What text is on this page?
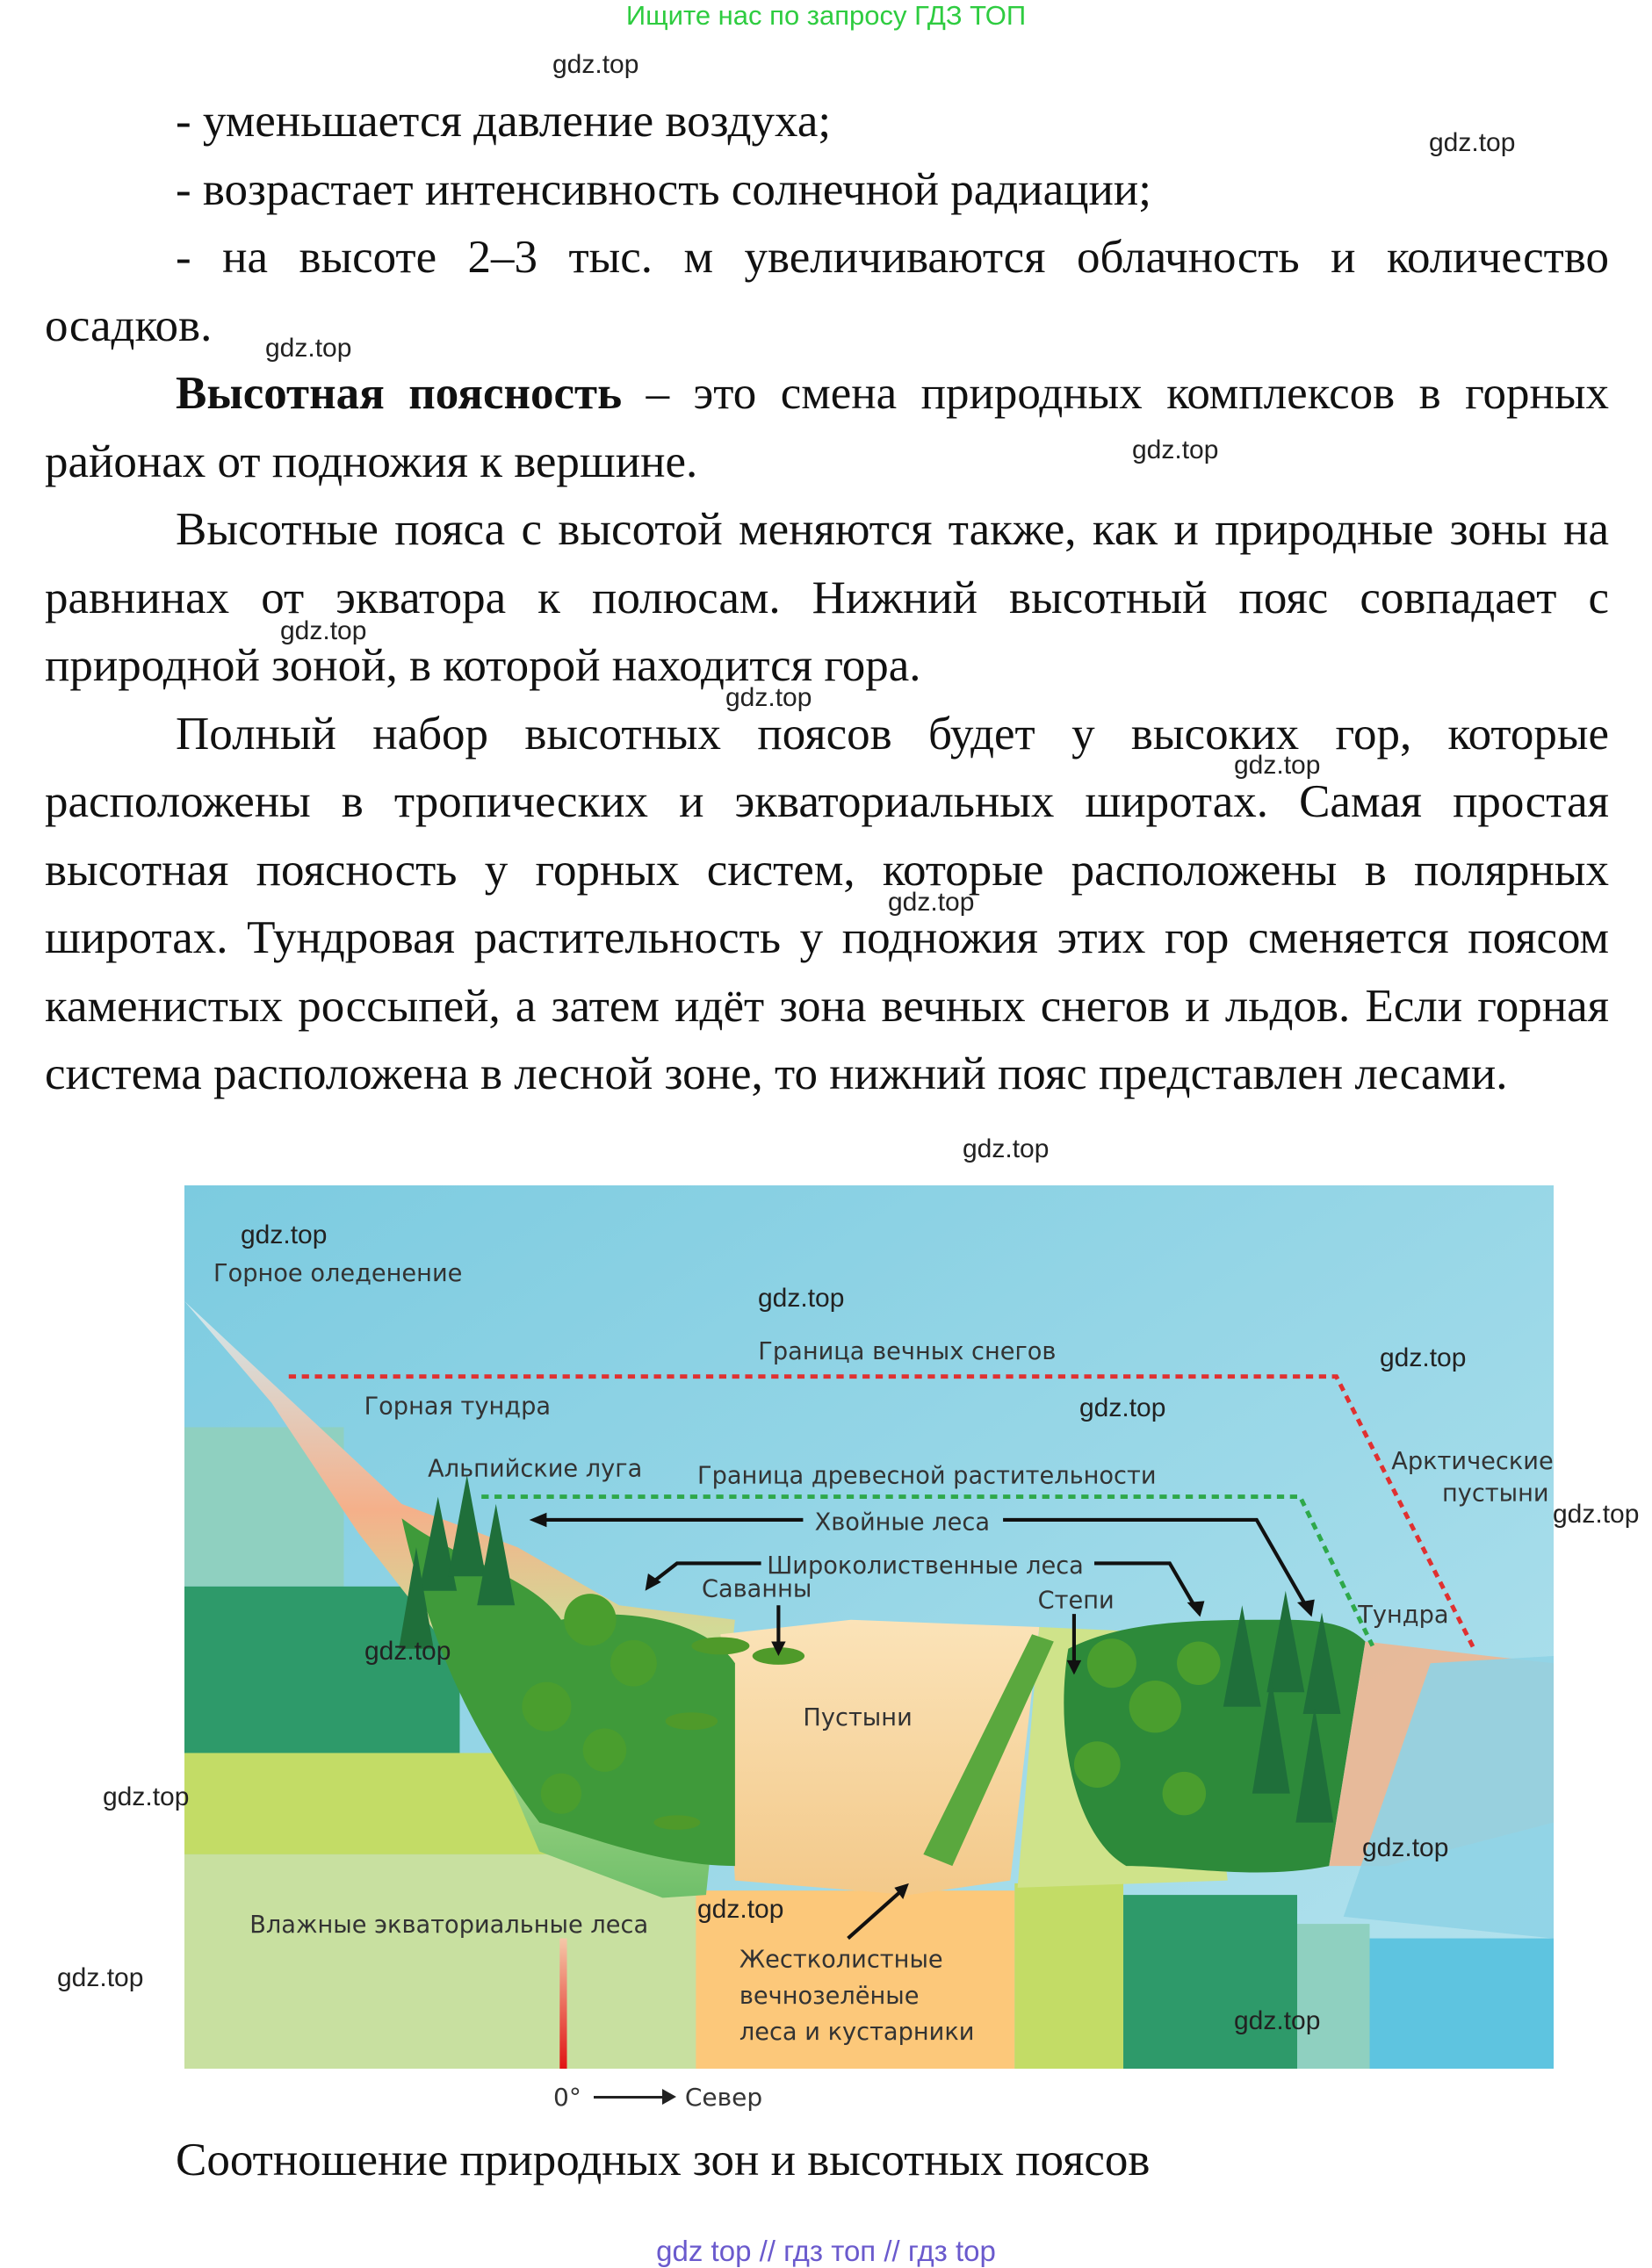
Ищите нас по запросу ГДЗ ТОП

- уменьшается давление воздуха;

- возрастает интенсивность солнечной радиации;

- на высоте 2–3 тыс. м увеличиваются облачность и количество осадков.

Высотная поясность – это смена природных комплексов в горных районах от подножия к вершине.

Высотные пояса с высотой меняются также, как и природные зоны на равнинах от экватора к полюсам. Нижний высотный пояс совпадает с природной зоной, в которой находится гора.

Полный набор высотных поясов будет у высоких гор, которые расположены в тропических и экваториальных широтах. Самая простая высотная поясность у горных систем, которые расположены в полярных широтах. Тундровая растительность у подножия этих гор сменяется поясом каменистых россыпей, а затем идёт зона вечных снегов и льдов. Если горная система расположена в лесной зоне, то нижний пояс представлен лесами.

Горное оледенение
Граница вечных снегов
Горная тундра
Альпийские луга	Граница древесной растительности
Арктические
пустыни
Хвойные леса
Широколиственные леса
Саванны	Степи
Тундра
Пустыни
Влажные экваториальные леса
Жестколистные
вечнозелёные
леса и кустарники
0°	Север
Соотношение природных зон и высотных поясов
gdz top // гдз топ // гдз top
gdz.top
gdz.top
gdz.top
gdz.top
gdz.top
gdz.top
gdz.top
gdz.top
gdz.top
gdz.top
gdz.top
gdz.top
gdz.top
gdz.top
gdz.top
gdz.top
gdz.top
gdz.top
gdz.top
gdz.top
